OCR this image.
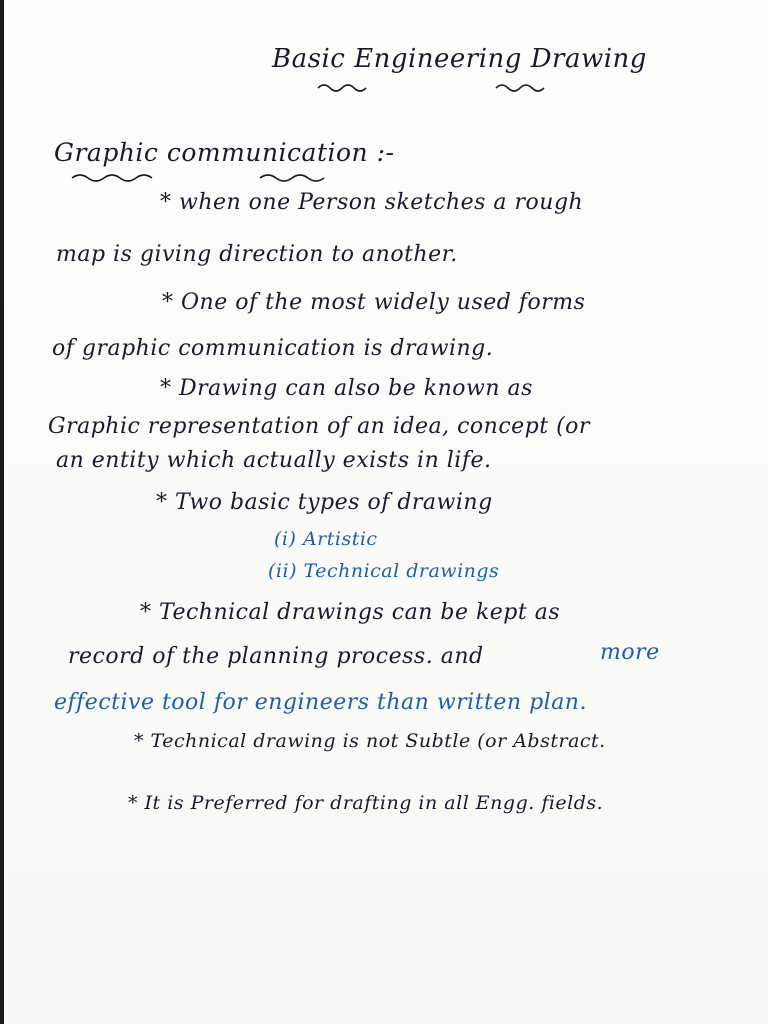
Basic Engineering Drawing
Graphic communication :-
* when one Person sketches a rough
map is giving direction to another.
* One of the most widely used forms
of graphic communication is drawing.
* Drawing can also be known as
Graphic representation of an idea, concept (or
an entity which actually exists in life.
* Two basic types of drawing
(i) Artistic
(ii) Technical drawings
* Technical drawings can be kept as
record of the planning process. and	more
effective tool for engineers than written plan.
* Technical drawing is not Subtle (or Abstract.
* It is Preferred for drafting in all Engg. fields.
